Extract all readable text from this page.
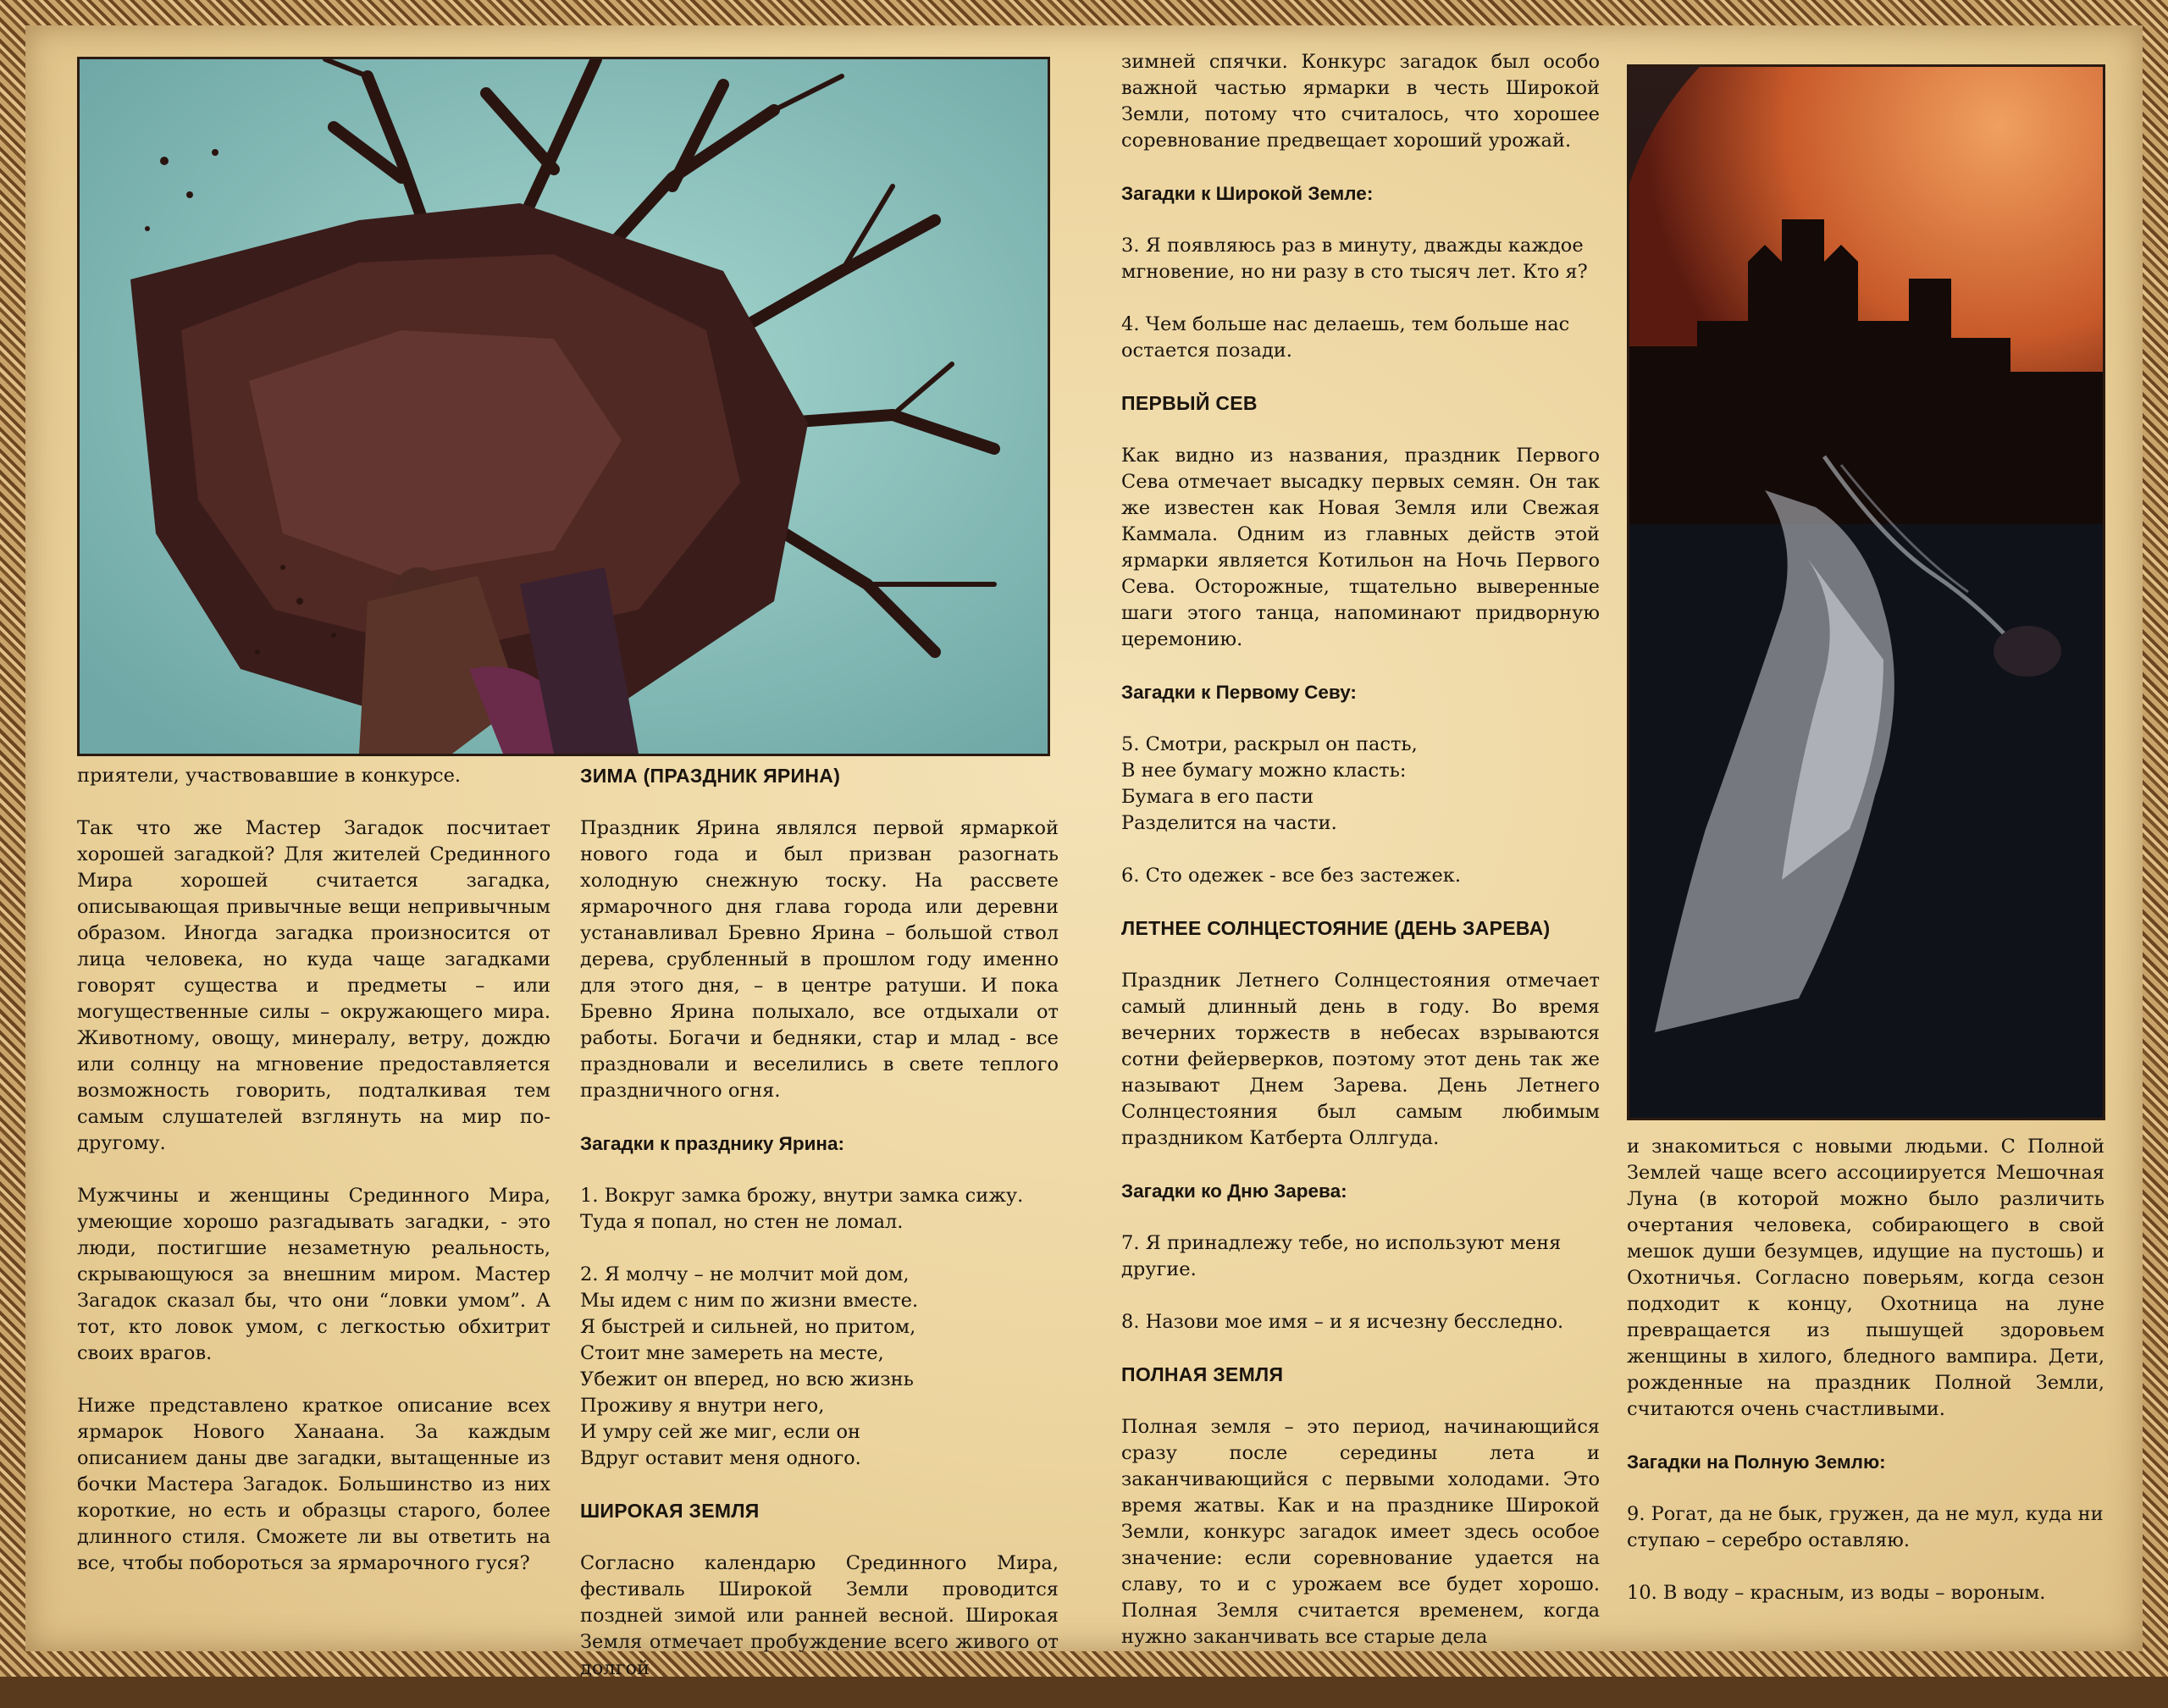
приятели, участвовавшие в конкурсе.

Так что же Мастер Загадок посчитает хорошей загадкой? Для жителей Срединного Мира хорошей считается загадка, описывающая привычные вещи непривычным образом. Иногда загадка произносится от лица человека, но куда чаще загадками говорят существа и предметы – или могущественные силы – окружающего мира. Животному, овощу, минералу, ветру, дождю или солнцу на мгновение предоставляется возможность говорить, подталкивая тем самым слушателей взглянуть на мир по-другому.

Мужчины и женщины Срединного Мира, умеющие хорошо разгадывать загадки, - это люди, постигшие незаметную реальность, скрывающуюся за внешним миром. Мастер Загадок сказал бы, что они “ловки умом”. А тот, кто ловок умом, с легкостью обхитрит своих врагов.

Ниже представлено краткое описание всех ярмарок Нового Ханаана. За каждым описанием даны две загадки, вытащенные из бочки Мастера Загадок. Большинство из них короткие, но есть и образцы старого, более длинного стиля. Сможете ли вы ответить на все, чтобы побороться за ярмарочного гуся?

ЗИМА (ПРАЗДНИК ЯРИНА)

Праздник Ярина являлся первой ярмаркой нового года и был призван разогнать холодную снежную тоску. На рассвете ярмарочного дня глава города или деревни устанавливал Бревно Ярина – большой ствол дерева, срубленный в прошлом году именно для этого дня, – в центре ратуши. И пока Бревно Ярина полыхало, все отдыхали от работы. Богачи и бедняки, стар и млад - все праздновали и веселились в свете теплого праздничного огня.

Загадки к празднику Ярина:
1. Вокруг замка брожу, внутри замка сижу.
Туда я попал, но стен не ломал.
2. Я молчу – не молчит мой дом,
Мы идем с ним по жизни вместе.
Я быстрей и сильней, но притом,
Стоит мне замереть на месте,
Убежит он вперед, но всю жизнь
Проживу я внутри него,
И умру сей же миг, если он
Вдруг оставит меня одного.
ШИРОКАЯ ЗЕМЛЯ

Согласно календарю Срединного Мира, фестиваль Широкой Земли проводится поздней зимой или ранней весной. Широкая Земля отмечает пробуждение всего живого от долгой

зимней спячки. Конкурс загадок был особо важной частью ярмарки в честь Широкой Земли, потому что считалось, что хорошее соревнование предвещает хороший урожай.

Загадки к Широкой Земле:
3. Я появляюсь раз в минуту, дважды каждое мгновение, но ни разу в сто тысяч лет. Кто я?
4. Чем больше нас делаешь, тем больше нас остается позади.
ПЕРВЫЙ СЕВ

Как видно из названия, праздник Первого Сева отмечает высадку первых семян. Он так же известен как Новая Земля или Свежая Каммала. Одним из главных действ этой ярмарки является Котильон на Ночь Первого Сева. Осторожные, тщательно выверенные шаги этого танца, напоминают придворную церемонию.

Загадки к Первому Севу:
5. Смотри, раскрыл он пасть,
В нее бумагу можно класть:
Бумага в его пасти
Разделится на части.
6. Сто одежек - все без застежек.
ЛЕТНЕЕ СОЛНЦЕСТОЯНИЕ (ДЕНЬ ЗАРЕВА)

Праздник Летнего Солнцестояния отмечает самый длинный день в году. Во время вечерних торжеств в небесах взрываются сотни фейерверков, поэтому этот день так же называют Днем Зарева. День Летнего Солнцестояния был самым любимым праздником Катберта Оллгуда.

Загадки ко Дню Зарева:
7. Я принадлежу тебе, но используют меня другие.
8. Назови мое имя – и я исчезну бесследно.
ПОЛНАЯ ЗЕМЛЯ

Полная земля – это период, начинающийся сразу после середины лета и заканчивающийся с первыми холодами. Это время жатвы. Как и на празднике Широкой Земли, конкурс загадок имеет здесь особое значение: если соревнование удается на славу, то и с урожаем все будет хорошо. Полная Земля считается временем, когда нужно заканчивать все старые дела

и знакомиться с новыми людьми. С Полной Землей чаще всего ассоциируется Мешочная Луна (в которой можно было различить очертания человека, собирающего в свой мешок души безумцев, идущие на пустошь) и Охотничья. Согласно поверьям, когда сезон подходит к концу, Охотница на луне превращается из пышущей здоровьем женщины в хилого, бледного вампира. Дети, рожденные на праздник Полной Земли, считаются очень счастливыми.

Загадки на Полную Землю:
9. Рогат, да не бык, гружен, да не мул, куда ни ступаю – серебро оставляю.
10. В воду – красным, из воды – вороным.
